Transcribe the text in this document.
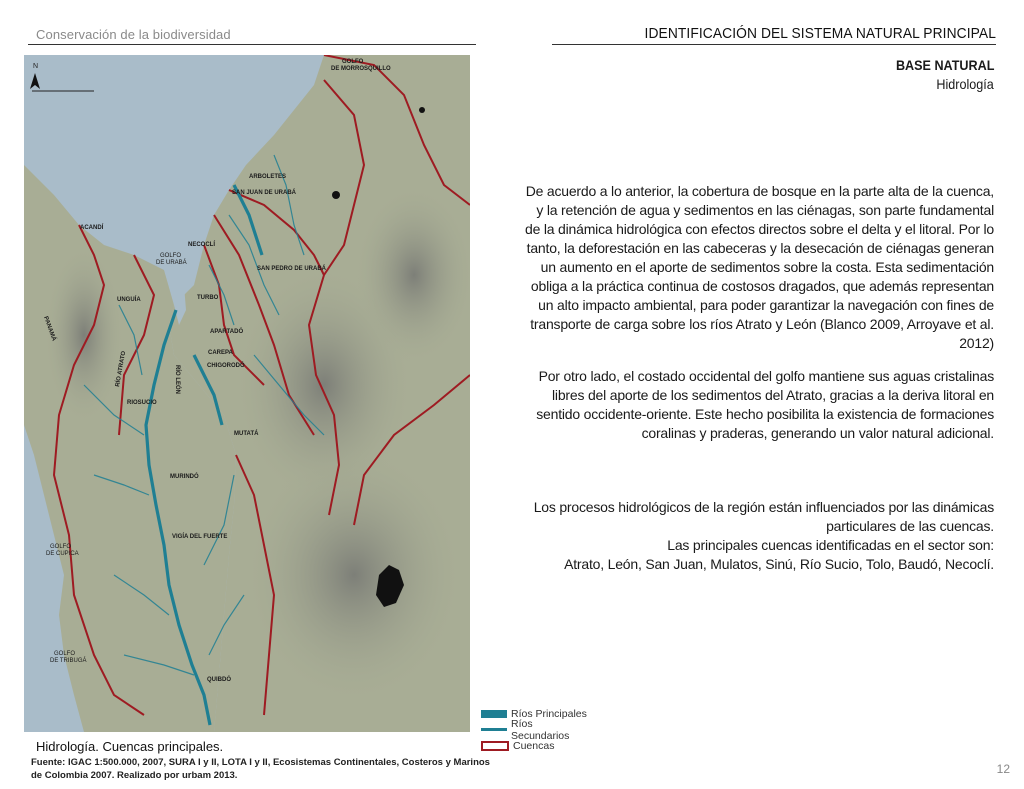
Conservación de la biodiversidad	IDENTIFICACIÓN DEL SISTEMA NATURAL PRINCIPAL
BASE NATURAL
Hidrología
De acuerdo a lo anterior, la cobertura de bosque en la parte alta de la cuenca, y la retención de agua y sedimentos en las ciénagas, son parte fundamental de la dinámica hidrológica con efectos directos sobre el delta y el litoral. Por lo tanto, la deforestación en las cabeceras y la desecación de ciénagas generan un aumento en el aporte de sedimentos sobre la costa. Esta sedimentación obliga a la práctica continua de costosos dragados, que además representan un alto impacto ambiental, para poder garantizar la navegación con fines de transporte de carga sobre los ríos Atrato y León (Blanco 2009, Arroyave et al. 2012)
Por otro lado, el costado occidental del golfo mantiene sus aguas cristalinas libres del aporte de los sedimentos del Atrato, gracias a la deriva litoral en sentido occidente-oriente. Este hecho posibilita la existencia de formaciones coralinas y praderas, generando un valor natural adicional.
Los procesos hidrológicos de la región están influenciados por las dinámicas particulares de las cuencas.
Las principales cuencas identificadas en el sector son:
Atrato, León, San Juan, Mulatos, Sinú, Río Sucio, Tolo, Baudó, Necoclí.
N
GOLFO
DE MORROSQUILLO
ARBOLETES
SAN JUAN DE URABÁ
ACANDÍ
NECOCLÍ
GOLFO
DE URABÁ
SAN PEDRO DE URABÁ
UNGUÍA	TURBO
PANAMÁ	APARTADÓ
RÍO ATRATO	RÍO LEÓN
CAREPA
CHIGORODÓ
RIOSUCIO
MUTATÁ
MURINDÓ
GOLFO
DE CUPICA
VIGÍA DEL FUERTE
GOLFO
DE TRIBUGÁ
QUIBDÓ
Ríos Principales
Ríos Secundarios
Cuencas
Hidrología. Cuencas principales.
Fuente: IGAC 1:500.000, 2007, SURA I y II, LOTA I y II, Ecosistemas Continentales, Costeros y Marinos de Colombia 2007. Realizado por urbam 2013.	12
